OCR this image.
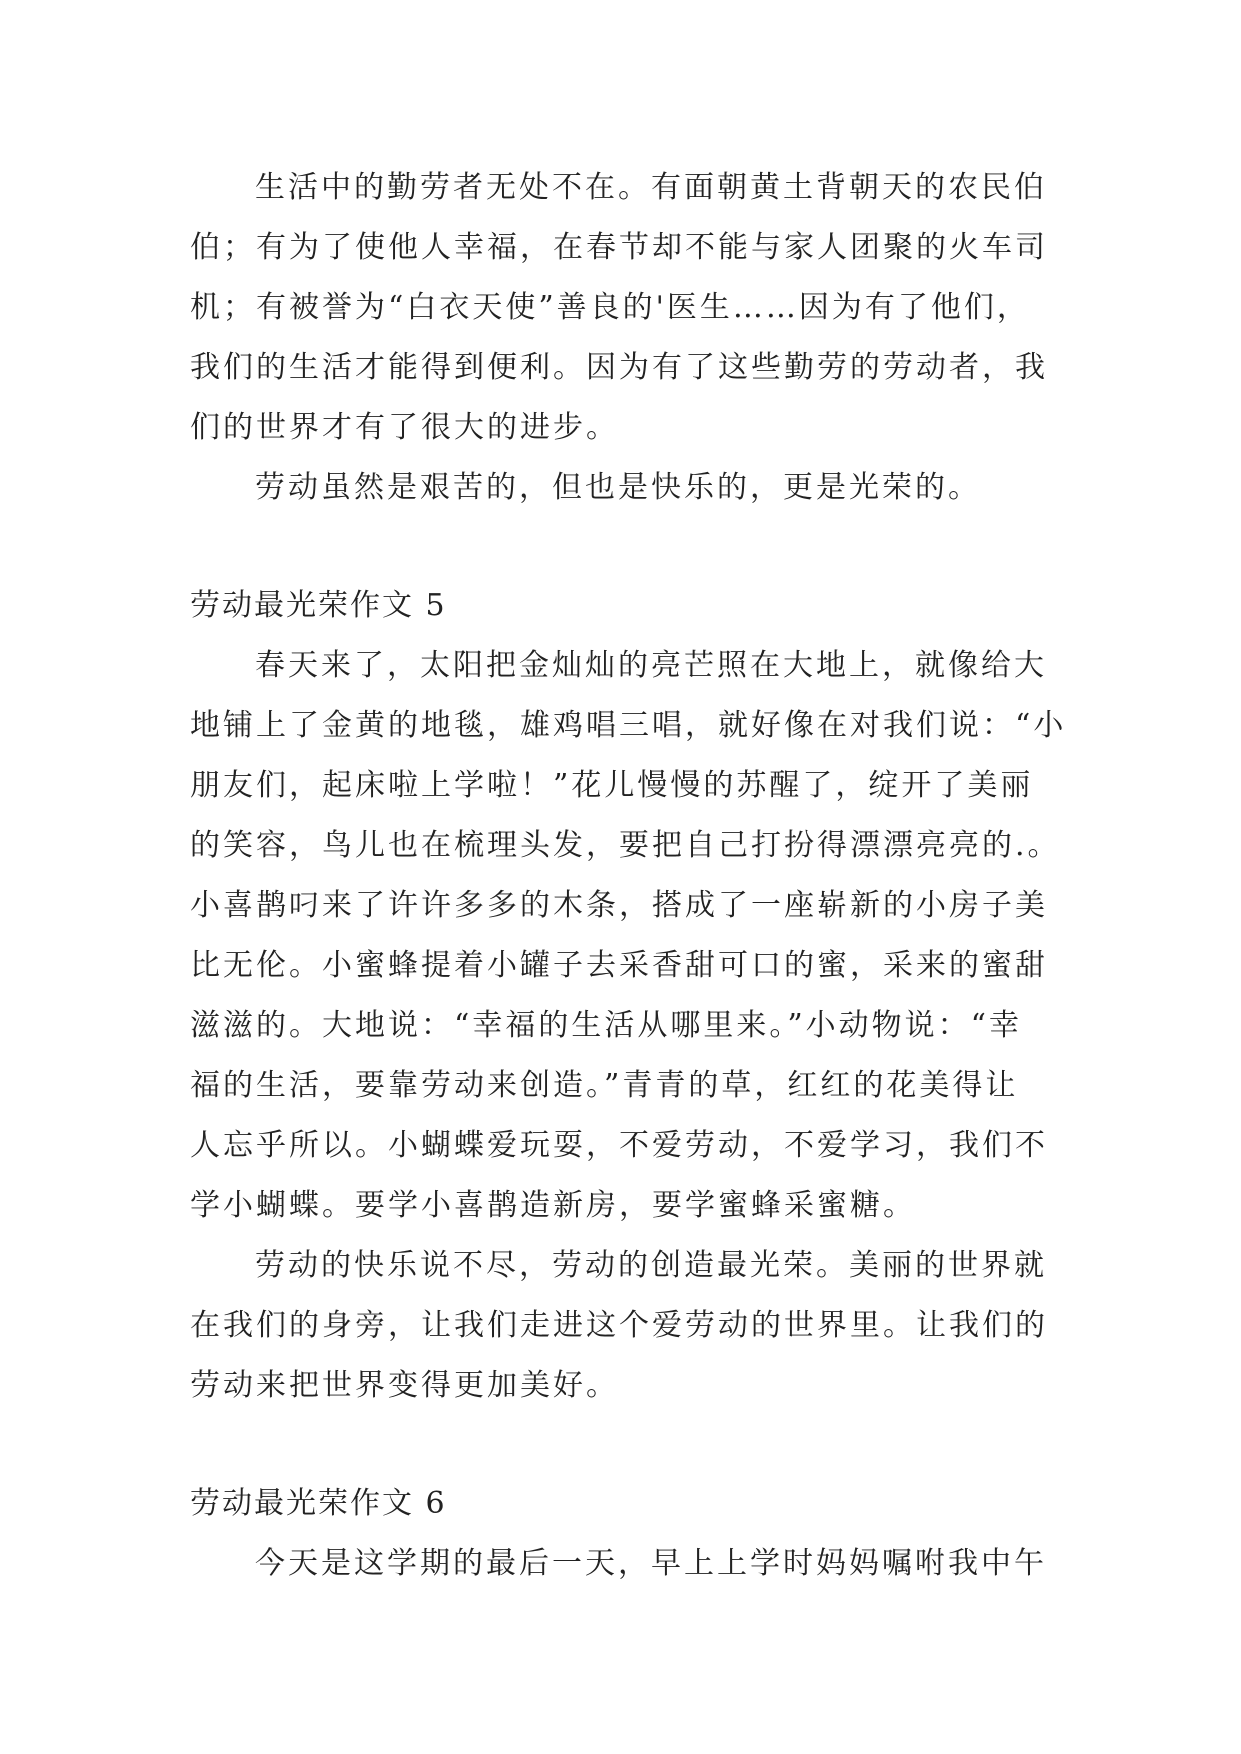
生活中的勤劳者无处不在。有面朝黄土背朝天的农民伯
伯；有为了使他人幸福，在春节却不能与家人团聚的火车司
机；有被誉为“白衣天使”善良的'医生……因为有了他们，
我们的生活才能得到便利。因为有了这些勤劳的劳动者，我
们的世界才有了很大的进步。
劳动虽然是艰苦的，但也是快乐的，更是光荣的。
劳动最光荣作文 5
春天来了，太阳把金灿灿的亮芒照在大地上，就像给大
地铺上了金黄的地毯，雄鸡唱三唱，就好像在对我们说：“小
朋友们，起床啦上学啦！”花儿慢慢的苏醒了，绽开了美丽
的笑容，鸟儿也在梳理头发，要把自己打扮得漂漂亮亮的.。
小喜鹊叼来了许许多多的木条，搭成了一座崭新的小房子美
比无伦。小蜜蜂提着小罐子去采香甜可口的蜜，采来的蜜甜
滋滋的。大地说：“幸福的生活从哪里来。”小动物说：“幸
福的生活，要靠劳动来创造。”青青的草，红红的花美得让
人忘乎所以。小蝴蝶爱玩耍，不爱劳动，不爱学习，我们不
学小蝴蝶。要学小喜鹊造新房，要学蜜蜂采蜜糖。
劳动的快乐说不尽，劳动的创造最光荣。美丽的世界就
在我们的身旁，让我们走进这个爱劳动的世界里。让我们的
劳动来把世界变得更加美好。
劳动最光荣作文 6
今天是这学期的最后一天，早上上学时妈妈嘱咐我中午
